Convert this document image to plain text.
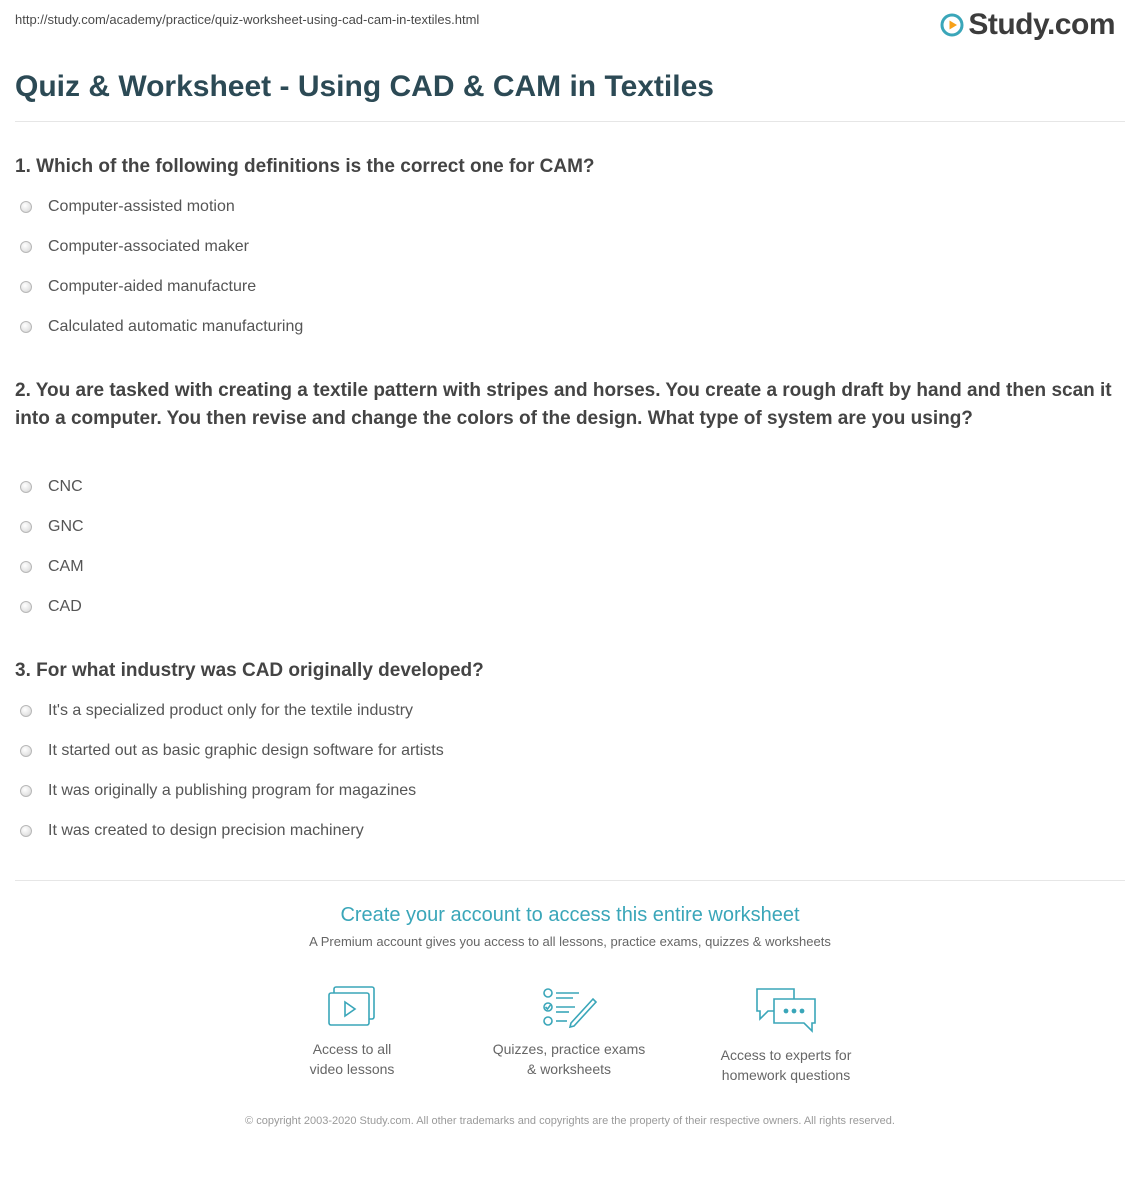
http://study.com/academy/practice/quiz-worksheet-using-cad-cam-in-textiles.html	Study.com
Quiz & Worksheet - Using CAD & CAM in Textiles
1. Which of the following definitions is the correct one for CAM?
Computer-assisted motion
Computer-associated maker
Computer-aided manufacture
Calculated automatic manufacturing
2. You are tasked with creating a textile pattern with stripes and horses. You create a rough draft by hand and then scan it into a computer. You then revise and change the colors of the design. What type of system are you using?
CNC
GNC
CAM
CAD
3. For what industry was CAD originally developed?
It's a specialized product only for the textile industry
It started out as basic graphic design software for artists
It was originally a publishing program for magazines
It was created to design precision machinery
Create your account to access this entire worksheet
A Premium account gives you access to all lessons, practice exams, quizzes & worksheets
Access to all
video lessons
Quizzes, practice exams
& worksheets
Access to experts for
homework questions
© copyright 2003-2020 Study.com. All other trademarks and copyrights are the property of their respective owners. All rights reserved.
